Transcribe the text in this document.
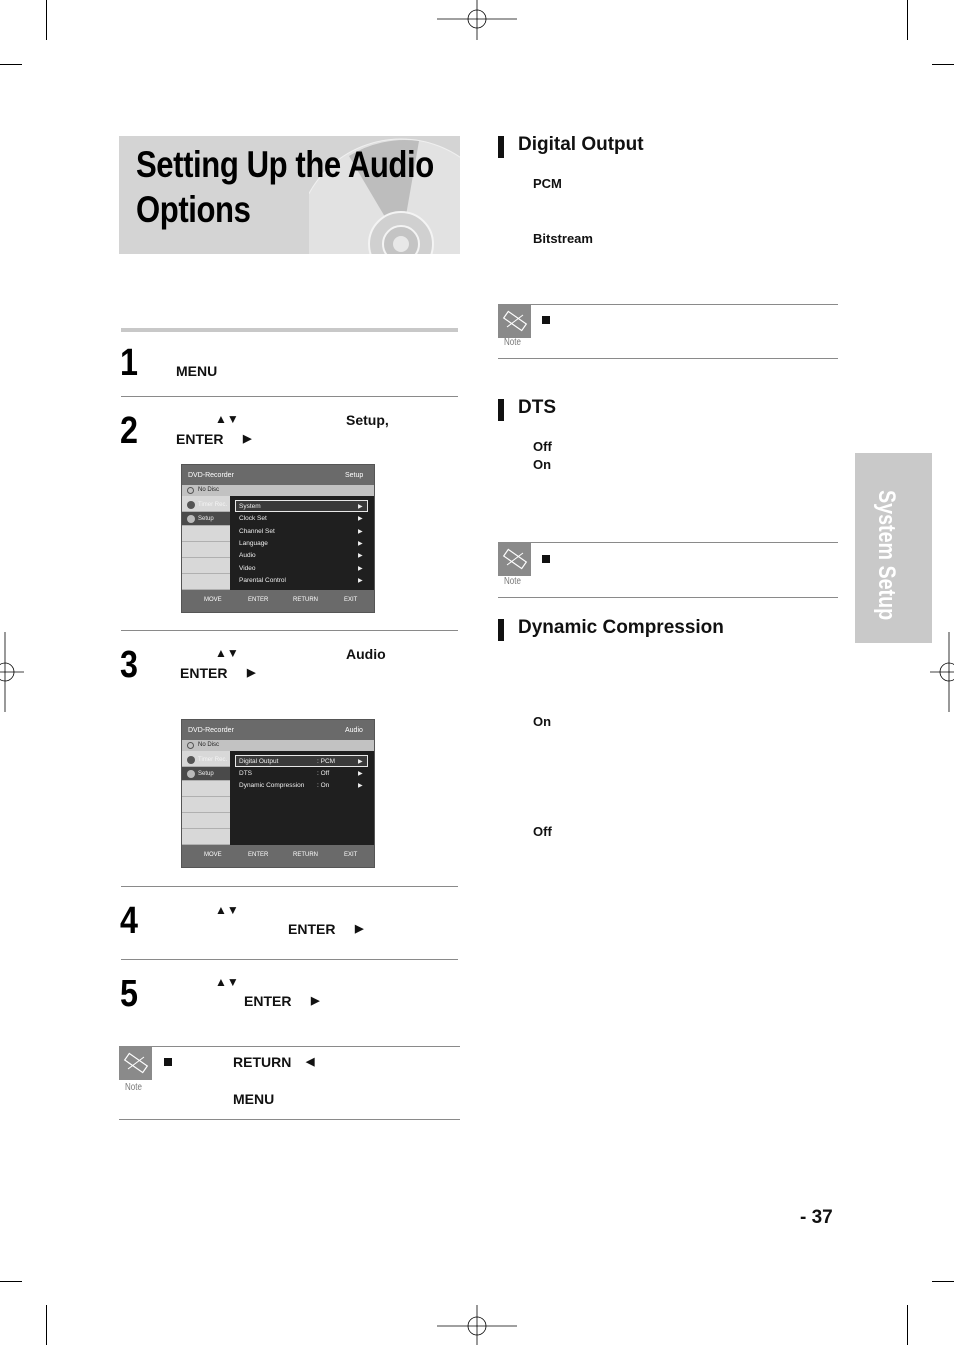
Setting Up the Audio
Options
1	MENU
2	▲▼	Setup,
ENTER ▶
DVD-Recorder	Setup
No Disc
Timer Rec.
Setup
System
Clock Set
Channel Set
Language
Audio
Video
Parental Control
▶
▶
▶
▶
▶
▶
▶
MOVE	ENTER	RETURN	EXIT
3	▲▼	Audio
ENTER ▶
DVD-Recorder	Audio
No Disc
Timer Rec.
Setup
Digital Output	: PCM
DTS	: Off
Dynamic Compression : On
▶
▶
▶
MOVE	ENTER	RETURN	EXIT
4	▲▼
ENTER ▶
5	▲▼
ENTER ▶
Note
RETURN ◀
MENU
Digital Output
PCM
Bitstream
Note
DTS
Off
On
Note
Dynamic Compression
On
Off
System Setup
- 37
